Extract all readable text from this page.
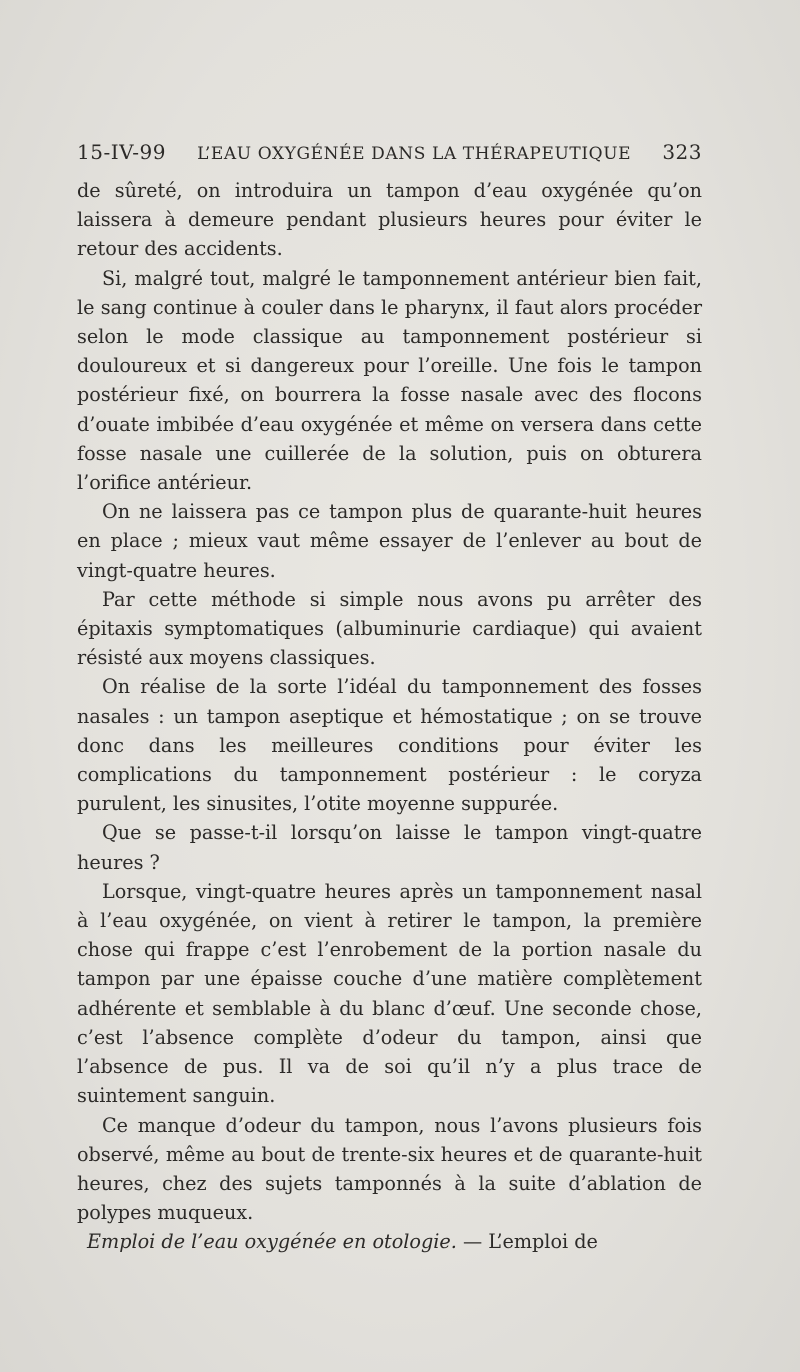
15-IV-99 L’EAU OXYGÉNÉE DANS LA THÉRAPEUTIQUE 323

de sûreté, on introduira un tampon d’eau oxygénée qu’on laissera à demeure pendant plusieurs heures pour éviter le retour des accidents.

Si, malgré tout, malgré le tamponnement antérieur bien fait, le sang continue à couler dans le pharynx, il faut alors procéder selon le mode classique au tamponnement postérieur si douloureux et si dangereux pour l’oreille. Une fois le tampon postérieur fixé, on bourrera la fosse nasale avec des flocons d’ouate imbibée d’eau oxygénée et même on versera dans cette fosse nasale une cuillerée de la solution, puis on obturera l’orifice antérieur.

On ne laissera pas ce tampon plus de quarante-huit heures en place ; mieux vaut même essayer de l’enlever au bout de vingt-quatre heures.

Par cette méthode si simple nous avons pu arrêter des épitaxis symptomatiques (albuminurie cardiaque) qui avaient résisté aux moyens classiques.

On réalise de la sorte l’idéal du tamponnement des fosses nasales : un tampon aseptique et hémostatique ; on se trouve donc dans les meilleures conditions pour éviter les complications du tamponnement postérieur : le coryza purulent, les sinusites, l’otite moyenne suppurée.

Que se passe-t-il lorsqu’on laisse le tampon vingt-quatre heures ?

Lorsque, vingt-quatre heures après un tamponnement nasal à l’eau oxygénée, on vient à retirer le tampon, la première chose qui frappe c’est l’enrobement de la portion nasale du tampon par une épaisse couche d’une matière complètement adhérente et semblable à du blanc d’œuf. Une seconde chose, c’est l’absence complète d’odeur du tampon, ainsi que l’absence de pus. Il va de soi qu’il n’y a plus trace de suintement sanguin.

Ce manque d’odeur du tampon, nous l’avons plusieurs fois observé, même au bout de trente-six heures et de quarante-huit heures, chez des sujets tamponnés à la suite d’ablation de polypes muqueux.

Emploi de l’eau oxygénée en otologie. — L’emploi de
